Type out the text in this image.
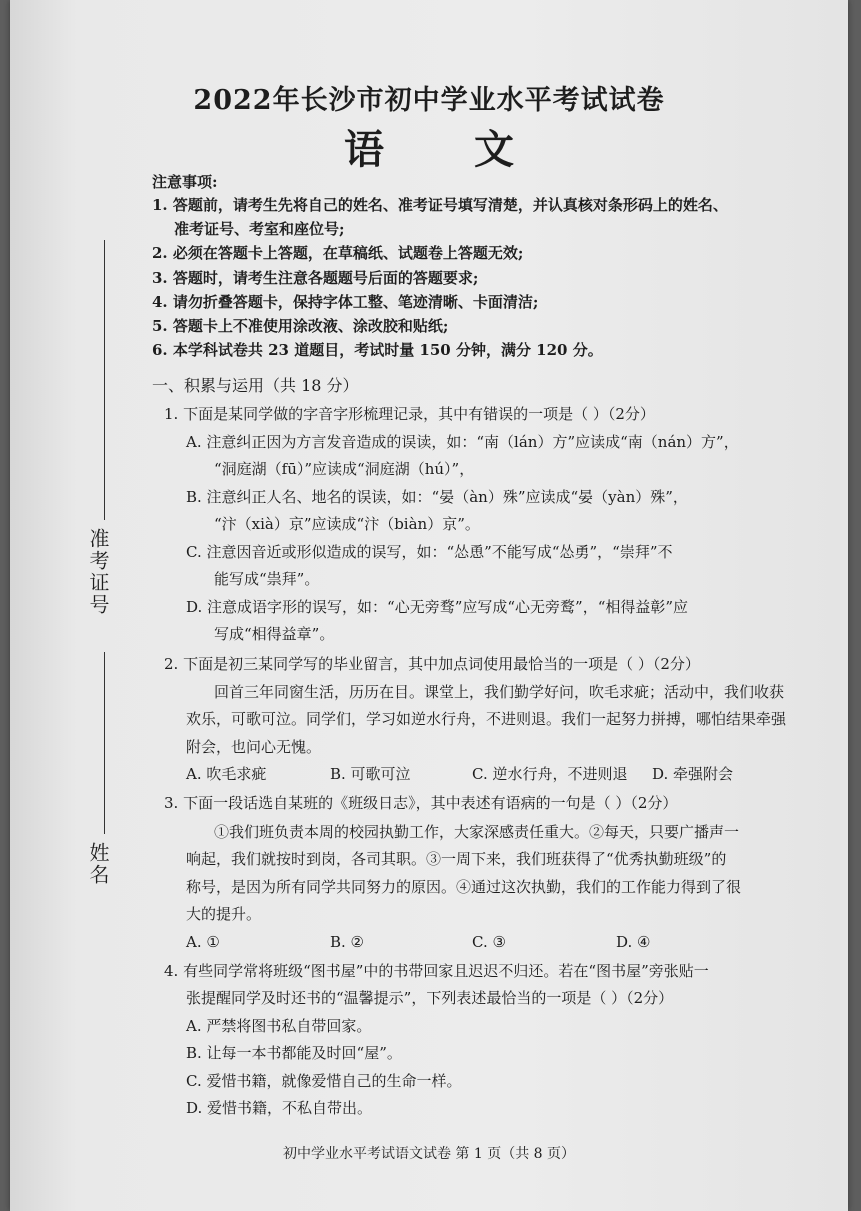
2022年长沙市初中学业水平考试试卷
语 文
注意事项:
1. 答题前，请考生先将自己的姓名、准考证号填写清楚，并认真核对条形码上的姓名、
准考证号、考室和座位号;
2. 必须在答题卡上答题，在草稿纸、试题卷上答题无效;
3. 答题时，请考生注意各题题号后面的答题要求;
4. 请勿折叠答题卡，保持字体工整、笔迹清晰、卡面清洁;
5. 答题卡上不准使用涂改液、涂改胶和贴纸;
6. 本学科试卷共 23 道题目，考试时量 150 分钟，满分 120 分。
准考证号
姓名
一、积累与运用（共 18 分）
1. 下面是某同学做的字音字形梳理记录，其中有错误的一项是（ ）（2分）
A. 注意纠正因为方言发音造成的误读，如：“南（lán）方”应读成“南（nán）方”，
“洞庭湖（fū）”应读成“洞庭湖（hú）”，
B. 注意纠正人名、地名的误读，如：“晏（àn）殊”应读成“晏（yàn）殊”，
“汴（xià）京”应读成“汴（biàn）京”。
C. 注意因音近或形似造成的误写，如：“怂恿”不能写成“怂勇”，“崇拜”不
能写成“祟拜”。
D. 注意成语字形的误写，如：“心无旁骛”应写成“心无旁鹜”，“相得益彰”应
写成“相得益章”。
2. 下面是初三某同学写的毕业留言，其中加点词使用最恰当的一项是（ ）（2分）
回首三年同窗生活，历历在目。课堂上，我们勤学好问，吹毛求疵；活动中，我们收获
欢乐，可歌可泣。同学们，学习如逆水行舟，不进则退。我们一起努力拼搏，哪怕结果牵强
附会，也问心无愧。
A. 吹毛求疵	B. 可歌可泣	C. 逆水行舟，不进则退 D. 牵强附会
3. 下面一段话选自某班的《班级日志》，其中表述有语病的一句是（ ）（2分）
①我们班负责本周的校园执勤工作，大家深感责任重大。②每天，只要广播声一
响起，我们就按时到岗，各司其职。③一周下来，我们班获得了“优秀执勤班级”的
称号，是因为所有同学共同努力的原因。④通过这次执勤，我们的工作能力得到了很
大的提升。
A. ①	B. ②	C. ③	D. ④
4. 有些同学常将班级“图书屋”中的书带回家且迟迟不归还。若在“图书屋”旁张贴一
张提醒同学及时还书的“温馨提示”，下列表述最恰当的一项是（ ）（2分）
A. 严禁将图书私自带回家。
B. 让每一本书都能及时回“屋”。
C. 爱惜书籍，就像爱惜自己的生命一样。
D. 爱惜书籍，不私自带出。
初中学业水平考试语文试卷 第 1 页（共 8 页）
